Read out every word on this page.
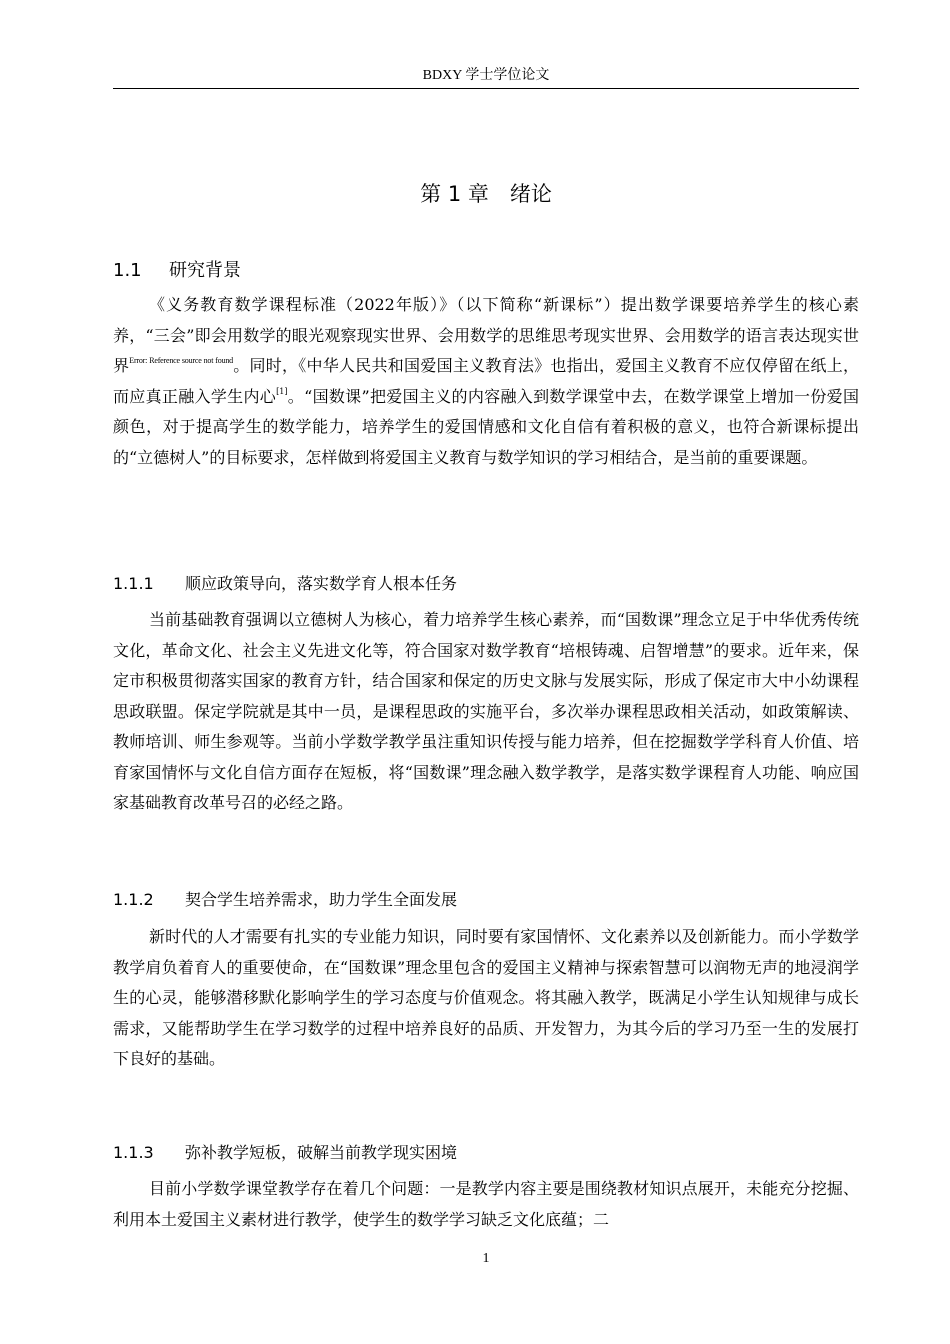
BDXY 学士学位论文
第 1 章　绪论
1.1 研究背景

《义务教育数学课程标准（2022年版）》（以下简称“新课标”）提出数学课要培养学生的核心素养，“三会”即会用数学的眼光观察现实世界、会用数学的思维思考现实世界、会用数学的语言表达现实世界$^{Error: Reference source not found}$。同时，《中华人民共和国爱国主义教育法》也指出，爱国主义教育不应仅停留在纸上，而应真正融入学生内心[1]。“国数课”把爱国主义的内容融入到数学课堂中去，在数学课堂上增加一份爱国颜色，对于提高学生的数学能力，培养学生的爱国情感和文化自信有着积极的意义，也符合新课标提出的“立德树人”的目标要求，怎样做到将爱国主义教育与数学知识的学习相结合，是当前的重要课题。

1.1.1 顺应政策导向，落实数学育人根本任务

当前基础教育强调以立德树人为核心，着力培养学生核心素养，而“国数课”理念立足于中华优秀传统文化，革命文化、社会主义先进文化等，符合国家对数学教育“培根铸魂、启智增慧”的要求。近年来，保定市积极贯彻落实国家的教育方针，结合国家和保定的历史文脉与发展实际，形成了保定市大中小幼课程思政联盟。保定学院就是其中一员，是课程思政的实施平台，多次举办课程思政相关活动，如政策解读、教师培训、师生参观等。当前小学数学教学虽注重知识传授与能力培养，但在挖掘数学学科育人价值、培育家国情怀与文化自信方面存在短板，将“国数课”理念融入数学教学，是落实数学课程育人功能、响应国家基础教育改革号召的必经之路。

1.1.2 契合学生培养需求，助力学生全面发展

新时代的人才需要有扎实的专业能力知识，同时要有家国情怀、文化素养以及创新能力。而小学数学教学肩负着育人的重要使命，在“国数课”理念里包含的爱国主义精神与探索智慧可以润物无声的地浸润学生的心灵，能够潜移默化影响学生的学习态度与价值观念。将其融入教学，既满足小学生认知规律与成长需求，又能帮助学生在学习数学的过程中培养良好的品质、开发智力，为其今后的学习乃至一生的发展打下良好的基础。

1.1.3 弥补教学短板，破解当前教学现实困境

目前小学数学课堂教学存在着几个问题：一是教学内容主要是围绕教材知识点展开，未能充分挖掘、利用本土爱国主义素材进行教学，使学生的数学学习缺乏文化底蕴；二

1
